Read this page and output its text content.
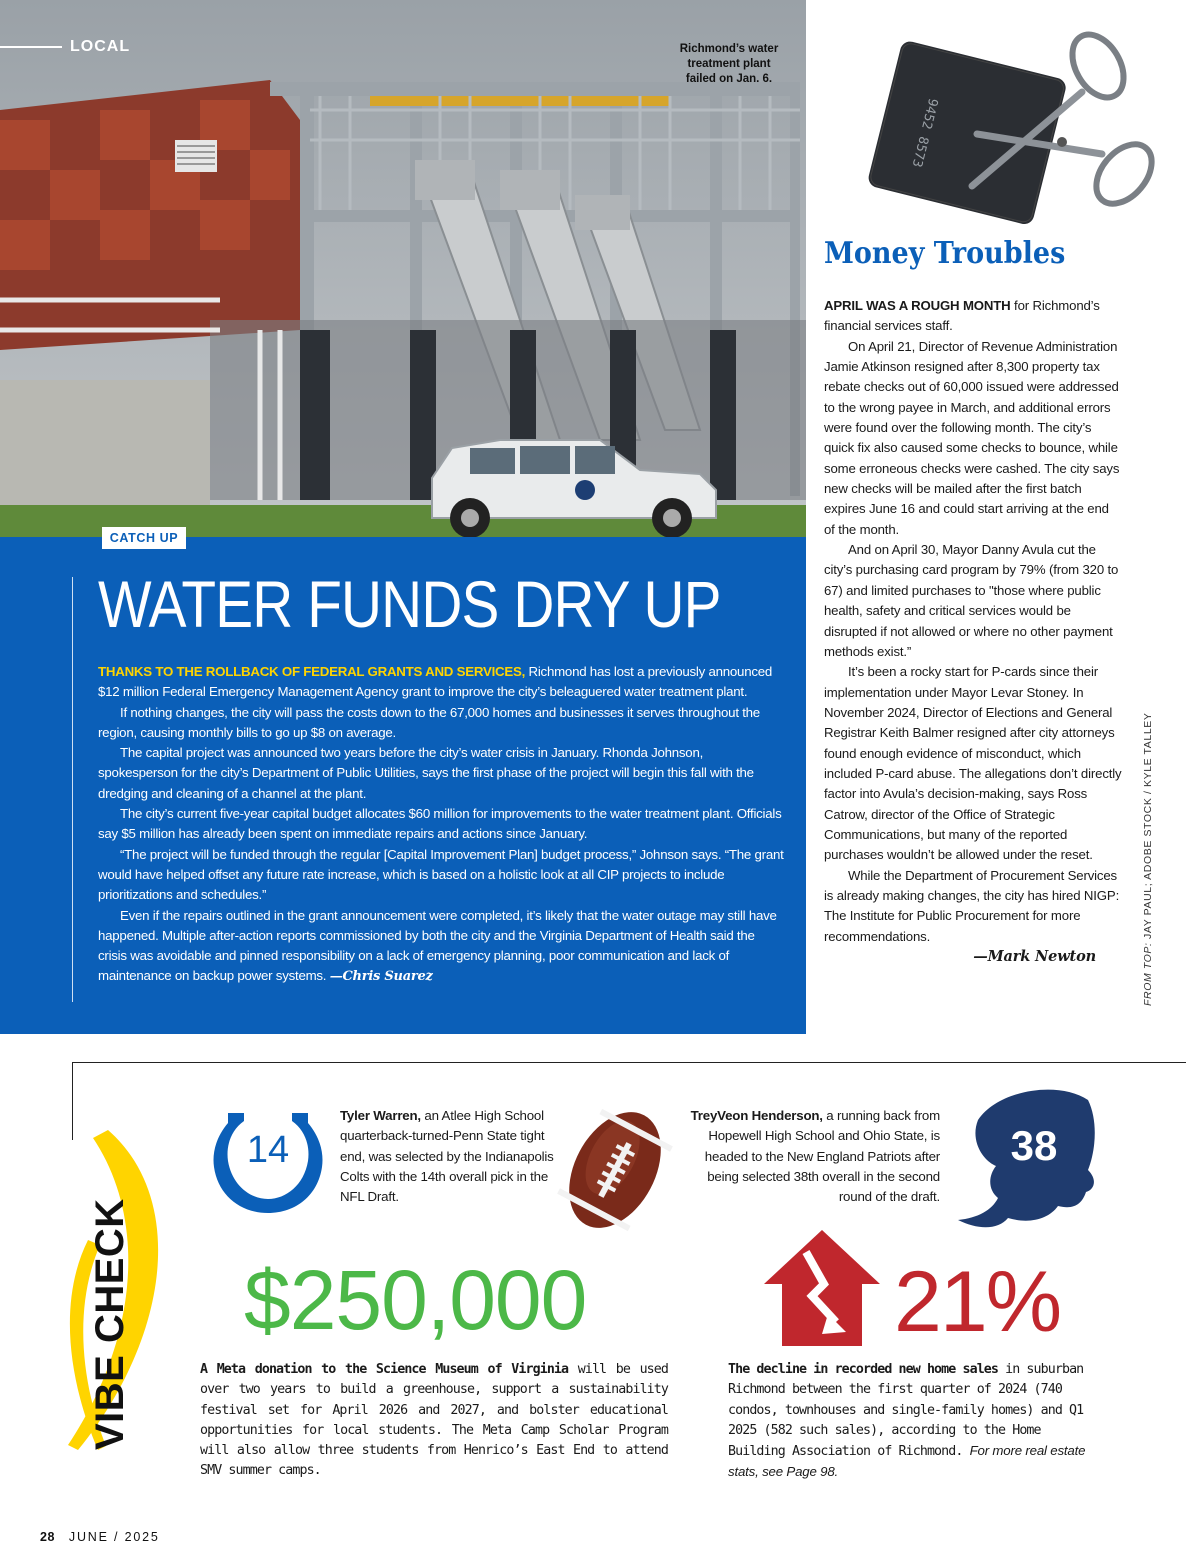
LOCAL	Richmond’s water
treatment plant
failed on Jan. 6.
WATER FUNDS DRY UP

THANKS TO THE ROLLBACK OF FEDERAL GRANTS AND SERVICES, Richmond has lost a previously announced $12 million Federal Emergency Management Agency grant to improve the city’s beleaguered water treatment plant.

If nothing changes, the city will pass the costs down to the 67,000 homes and businesses it serves throughout the region, causing monthly bills to go up $8 on average.

The capital project was announced two years before the city’s water crisis in January. Rhonda Johnson, spokesperson for the city’s Department of Public Utilities, says the first phase of the project will begin this fall with the dredging and cleaning of a channel at the plant.

The city’s current five-year capital budget allocates $60 million for improvements to the water treatment plant. Officials say $5 million has already been spent on immediate repairs and actions since January.

“The project will be funded through the regular [Capital Improvement Plan] budget process,” Johnson says. “The grant would have helped offset any future rate increase, which is based on a holistic look at all CIP projects to include prioritizations and schedules.”

Even if the repairs outlined in the grant announcement were completed, it’s likely that the water outage may still have happened. Multiple after-action reports commissioned by both the city and the Virginia Department of Health said the crisis was avoidable and pinned responsibility on a lack of emergency planning, poor communication and lack of maintenance on backup power systems. —Chris Suarez

CATCH UP
9452 8573
Money Troubles

APRIL WAS A ROUGH MONTH for Richmond’s financial services staff.

On April 21, Director of Revenue Administration Jamie Atkinson resigned after 8,300 property tax rebate checks out of 60,000 issued were addressed to the wrong payee in March, and additional errors were found over the following month. The city’s quick fix also caused some checks to bounce, while some erroneous checks were cashed. The city says new checks will be mailed after the first batch expires June 16 and could start arriving at the end of the month.

And on April 30, Mayor Danny Avula cut the city’s purchasing card program by 79% (from 320 to 67) and limited purchases to "those where public health, safety and critical services would be disrupted if not allowed or where no other payment methods exist.”

It’s been a rocky start for P-cards since their implementation under Mayor Levar Stoney. In November 2024, Director of Elections and General Registrar Keith Balmer resigned after city attorneys found enough evidence of misconduct, which included P-card abuse. The allegations don’t directly factor into Avula’s decision-making, says Ross Catrow, director of the Office of Strategic Communications, but many of the reported purchases wouldn’t be allowed under the reset.

While the Department of Procurement Services is already making changes, the city has hired NIGP: The Institute for Public Procurement for more recommendations.

—Mark Newton	FROM TOP: JAY PAUL; ADOBE STOCK / KYLE TALLEY
VIBE CHECK
14
Tyler Warren, an Atlee High School quarterback-turned-Penn State tight end, was selected by the Indianapolis Colts with the 14th overall pick in the NFL Draft.
TreyVeon Henderson, a running back from Hopewell High School and Ohio State, is headed to the New England Patriots after being selected 38th overall in the second round of the draft.
38
$250,000
A Meta donation to the Science Museum of Virginia will be used over two years to build a greenhouse, support a sustainability festival set for April 2026 and 2027, and bolster educational opportunities for local students. The Meta Camp Scholar Program will also allow three students from Henrico’s East End to attend SMV summer camps.
21%
The decline in recorded new home sales in suburban Richmond between the first quarter of 2024 (740 condos, townhouses and single-family homes) and Q1 2025 (582 such sales), according to the Home Building Association of Richmond. For more real estate stats, see Page 98.
28 JUNE / 2025
